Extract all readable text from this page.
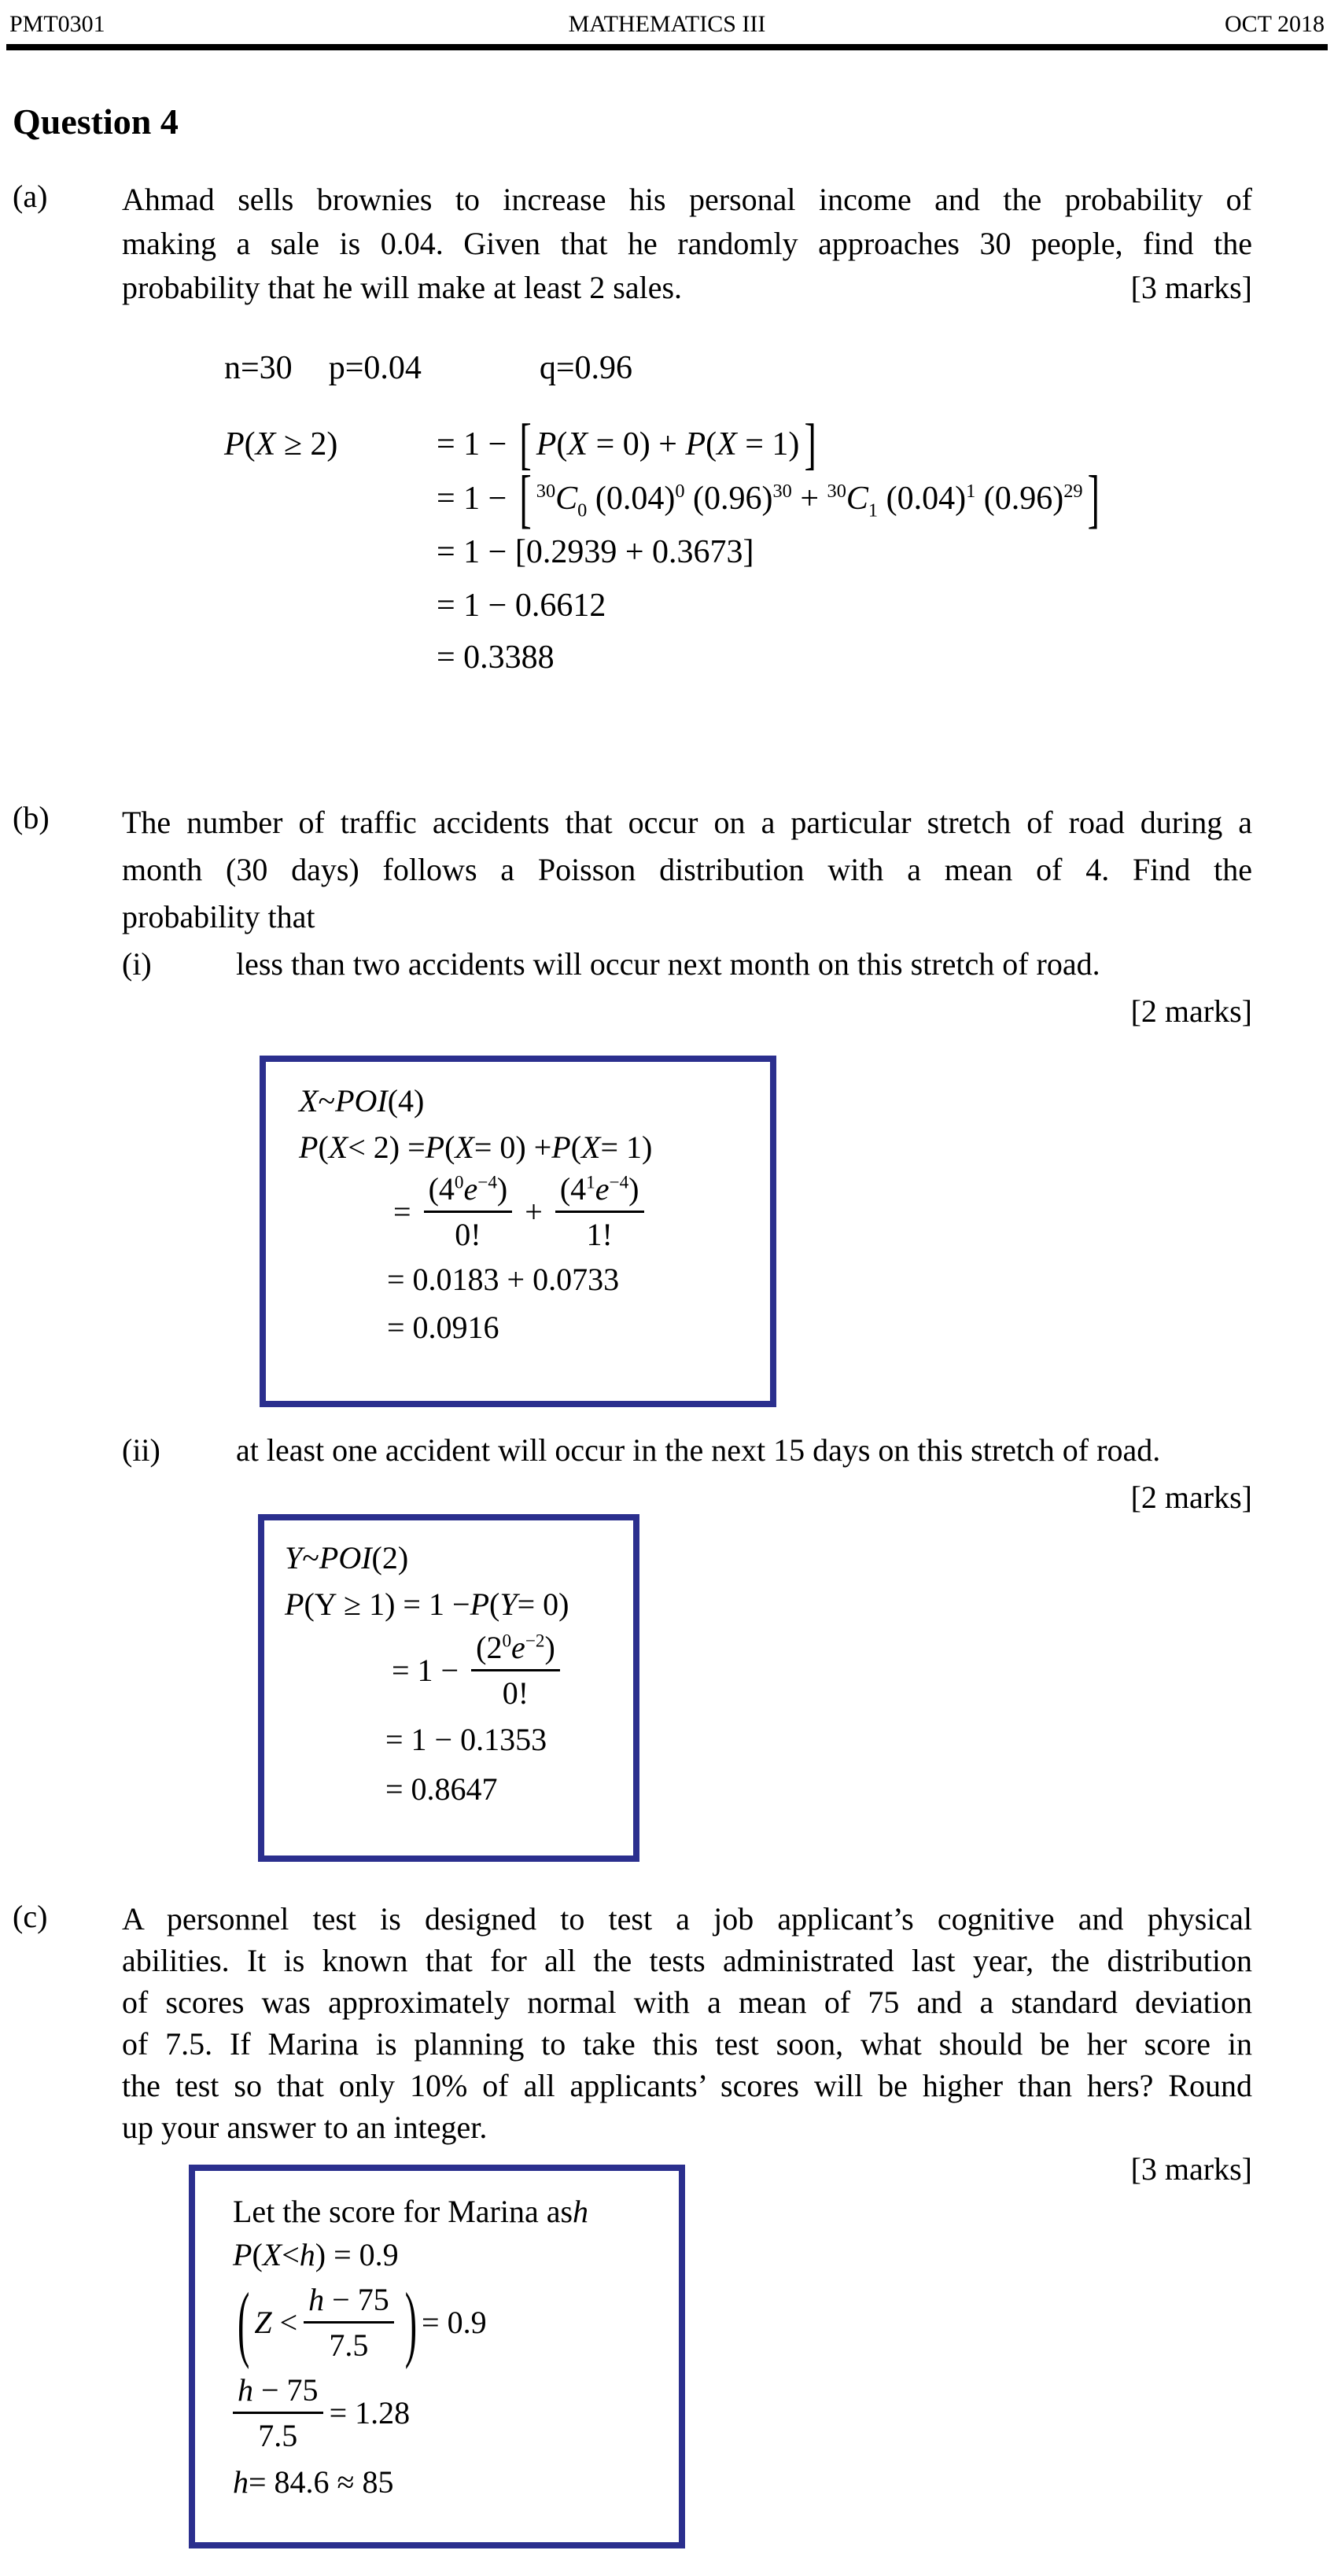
PMT0301	MATHEMATICS III	OCT 2018
Question 4
(a) Ahmad sells brownies to increase his personal income and the probability of
making a sale is 0.04. Given that he randomly approaches 30 people, find the
probability that he will make at least 2 sales.	[3 marks]
n=30 p=0.04	q=0.96
P(X ≥ 2)	= 1 − [ P(X = 0) + P(X = 1) ]
= 1 − [ $^{30}C_0$ $(0.04)^0$ $(0.96)^{30} + ^{30}C_1$ $(0.04)^1$ $(0.96)^{29}$ ]
= 1 − [0.2939 + 0.3673]
= 1 − 0.6612
= 0.3388
(b) The number of traffic accidents that occur on a particular stretch of road during a
month (30 days) follows a Poisson distribution with a mean of 4. Find the
probability that
(i)	less than two accidents will occur next month on this stretch of road.
[2 marks]
X ~ POI (4)
P ( X < 2) = P ( X = 0) + P ( X = 1)
= $\frac{(4^0e^{-4})}{0!} + \frac{(4^1e^{-4})}{1!}$
= 0.0183 + 0.0733
= 0.0916
(ii)	at least one accident will occur in the next 15 days on this stretch of road.
[2 marks]
Y ~ POI (2)
P (Y ≥ 1) = 1 − P ( Y = 0)
= $1 - \frac{(2^0e^{-2})}{0!}$
= 1 − 0.1353
= 0.8647
(c) A personnel test is designed to test a job applicant’s cognitive and physical
abilities. It is known that for all the tests administrated last year, the distribution
of scores was approximately normal with a mean of 75 and a standard deviation
of 7.5. If Marina is planning to take this test soon, what should be her score in
the test so that only 10% of all applicants’ scores will be higher than hers? Round
up your answer to an integer.
[3 marks]
Let the score for Marina as h
P ( X < h ) = 0.9
( $Z < \frac{h - 75}{7.5}$ ) = 0.9
$\frac{h - 75}{7.5} = 1.28$
h = 84.6 ≈ 85
